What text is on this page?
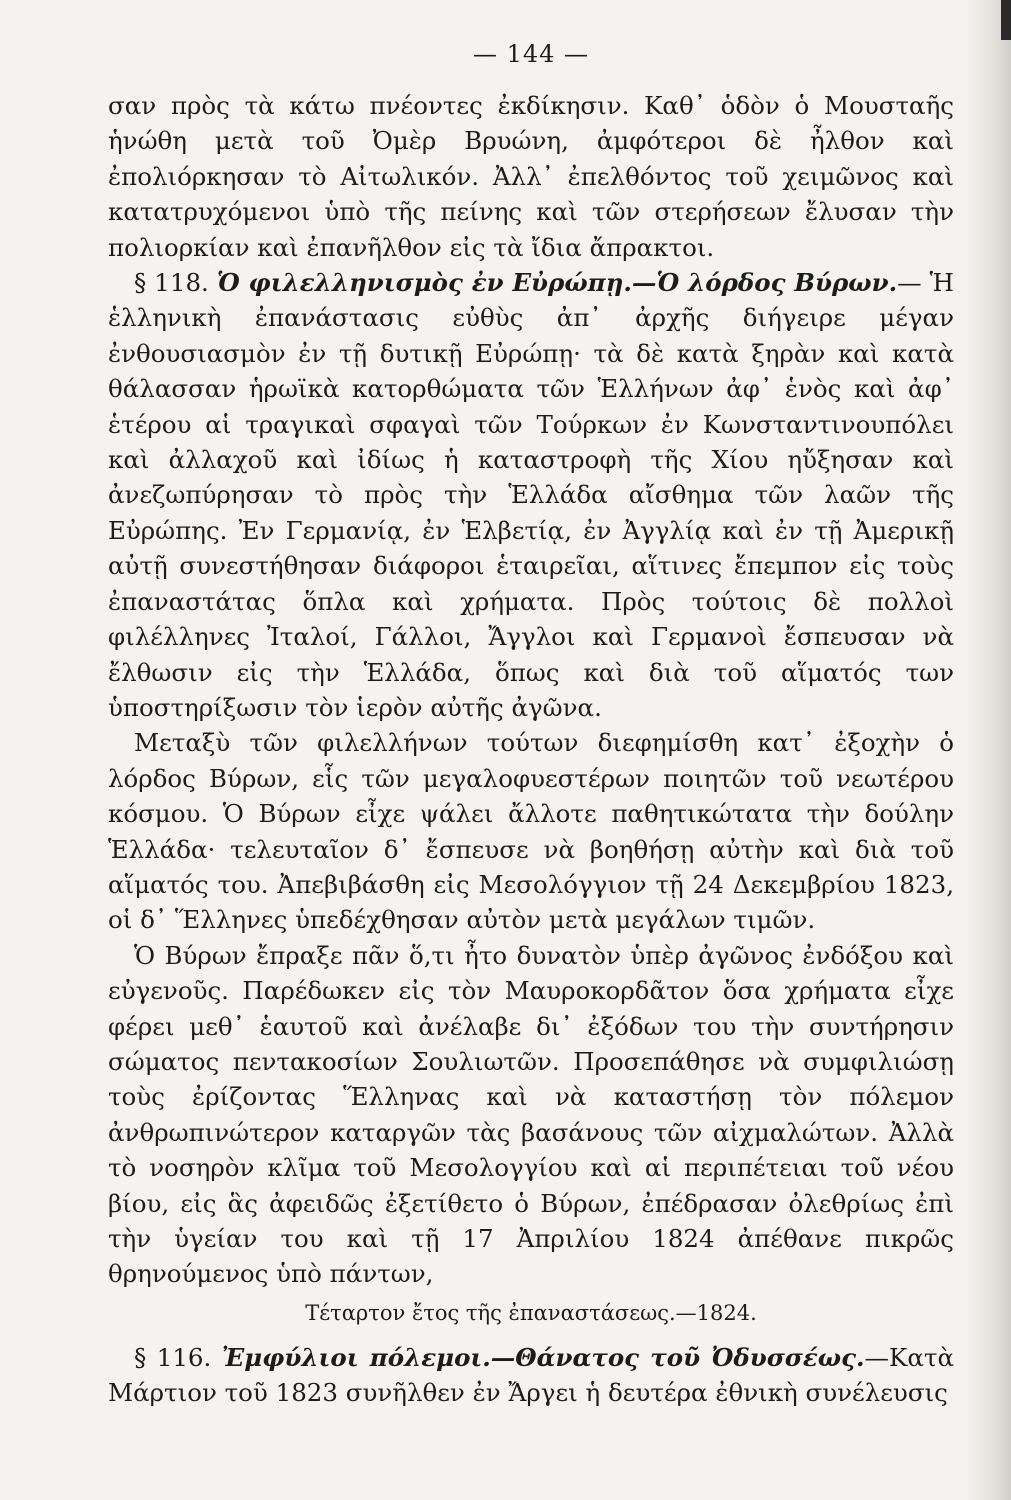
— 144 —

σαν πρὸς τὰ κάτω πνέοντες ἐκδίκησιν. Καθ᾽ ὁδὸν ὁ Μουσταῆς ἡνώθη μετὰ τοῦ Ὀμὲρ Βρυώνη, ἀμφότεροι δὲ ἦλθον καὶ ἐπολιόρκησαν τὸ Αἰτωλικόν. Ἀλλ᾽ ἐπελθόντος τοῦ χειμῶνος καὶ κατατρυχόμενοι ὑπὸ τῆς πείνης καὶ τῶν στερήσεων ἔλυσαν τὴν πολιορκίαν καὶ ἐπανῆλθον εἰς τὰ ἴδια ἄπρακτοι.

§ 118. Ὁ φιλελληνισμὸς ἐν Εὐρώπῃ.—Ὁ λόρδος Βύρων.— Ἡ ἑλληνικὴ ἐπανάστασις εὐθὺς ἀπ᾽ ἀρχῆς διήγειρε μέγαν ἐνθουσιασμὸν ἐν τῇ δυτικῇ Εὐρώπῃ· τὰ δὲ κατὰ ξηρὰν καὶ κατὰ θάλασσαν ἡρωϊκὰ κατορθώματα τῶν Ἑλλήνων ἀφ᾽ ἑνὸς καὶ ἀφ᾽ ἑτέρου αἱ τραγικαὶ σφαγαὶ τῶν Τούρκων ἐν Κωνσταντινουπόλει καὶ ἀλλαχοῦ καὶ ἰδίως ἡ καταστροφὴ τῆς Χίου ηὔξησαν καὶ ἀνεζωπύρησαν τὸ πρὸς τὴν Ἑλλάδα αἴσθημα τῶν λαῶν τῆς Εὐρώπης. Ἐν Γερμανίᾳ, ἐν Ἑλβετίᾳ, ἐν Ἀγγλίᾳ καὶ ἐν τῇ Ἀμερικῇ αὐτῇ συνεστήθησαν διάφοροι ἑταιρεῖαι, αἵτινες ἔπεμπον εἰς τοὺς ἐπαναστάτας ὅπλα καὶ χρήματα. Πρὸς τούτοις δὲ πολλοὶ φιλέλληνες Ἰταλοί, Γάλλοι, Ἄγγλοι καὶ Γερμανοὶ ἔσπευσαν νὰ ἔλθωσιν εἰς τὴν Ἑλλάδα, ὅπως καὶ διὰ τοῦ αἵματός των ὑποστηρίξωσιν τὸν ἱερὸν αὐτῆς ἀγῶνα.

Μεταξὺ τῶν φιλελλήνων τούτων διεφημίσθη κατ᾽ ἐξοχὴν ὁ λόρδος Βύρων, εἷς τῶν μεγαλοφυεστέρων ποιητῶν τοῦ νεωτέρου κόσμου. Ὁ Βύρων εἶχε ψάλει ἄλλοτε παθητικώτατα τὴν δούλην Ἑλλάδα· τελευταῖον δ᾽ ἔσπευσε νὰ βοηθήσῃ αὐτὴν καὶ διὰ τοῦ αἵματός του. Ἀπεβιβάσθη εἰς Μεσολόγγιον τῇ 24 Δεκεμβρίου 1823, οἱ δ᾽ Ἕλληνες ὑπεδέχθησαν αὐτὸν μετὰ μεγάλων τιμῶν.

Ὁ Βύρων ἔπραξε πᾶν ὅ,τι ἦτο δυνατὸν ὑπὲρ ἀγῶνος ἐνδόξου καὶ εὐγενοῦς. Παρέδωκεν εἰς τὸν Μαυροκορδᾶτον ὅσα χρήματα εἶχε φέρει μεθ᾽ ἑαυτοῦ καὶ ἀνέλαβε δι᾽ ἐξόδων του τὴν συντήρησιν σώματος πεντακοσίων Σουλιωτῶν. Προσεπάθησε νὰ συμφιλιώσῃ τοὺς ἐρίζοντας Ἕλληνας καὶ νὰ καταστήσῃ τὸν πόλεμον ἀνθρωπινώτερον καταργῶν τὰς βασάνους τῶν αἰχμαλώτων. Ἀλλὰ τὸ νοσηρὸν κλῖμα τοῦ Μεσολογγίου καὶ αἱ περιπέτειαι τοῦ νέου βίου, εἰς ἃς ἀφειδῶς ἐξετίθετο ὁ Βύρων, ἐπέδρασαν ὀλεθρίως ἐπὶ τὴν ὑγείαν του καὶ τῇ 17 Ἀπριλίου 1824 ἀπέθανε πικρῶς θρηνούμενος ὑπὸ πάντων,

Τέταρτον ἔτος τῆς ἐπαναστάσεως.—1824.

§ 116. Ἐμφύλιοι πόλεμοι.—Θάνατος τοῦ Ὀδυσσέως.—Κατὰ Μάρτιον τοῦ 1823 συνῆλθεν ἐν Ἄργει ἡ δευτέρα ἐθνικὴ συνέλευσις
